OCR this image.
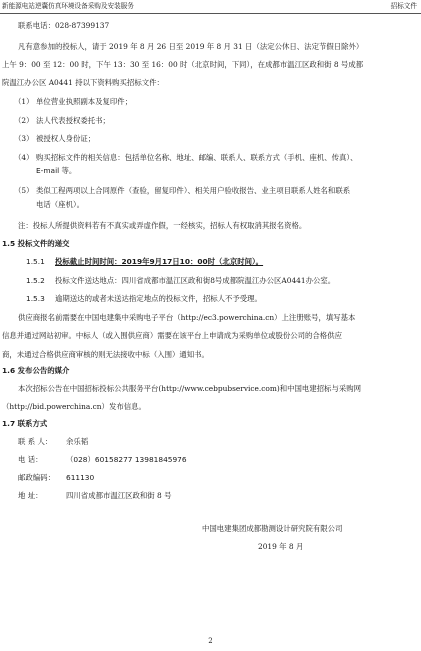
新能源电站逆囊仿真环境设备采购及安装服务	招标文件
联系电话：028-87399137
凡有意参加的投标人，请于 2019 年 8 月 26 日至 2019 年 8 月 31 日（法定公休日、法定节假日除外）
上午 9：00 至 12：00 时，下午 13：30 至 16：00 时（北京时间，下同），在成都市温江区政和街 8 号成都
院温江办公区 A0441 持以下资料购买招标文件：
（1） 单位营业执照副本及复印件；
（2） 法人代表授权委托书；
（3） 被授权人身份证；
（4） 购买招标文件的相关信息：包括单位名称、地址、邮编、联系人、联系方式（手机、座机、传真）、
E-mail 等。
（5） 类似工程两项以上合同原件（查验，留复印件）、相关用户验收报告、业主项目联系人姓名和联系
电话（座机）。
注：投标人所提供资料若有不真实或弄虚作假，一经核实，招标人有权取消其报名资格。
1.5 投标文件的递交
1.5.1 投标截止时间时间：2019年9月17日10：00时（北京时间）。
1.5.2 投标文件送达地点：四川省成都市温江区政和街8号成都院温江办公区A0441办公室。
1.5.3 逾期送达的或者未送达指定地点的投标文件，招标人不予受理。
供应商报名前需要在中国电建集中采购电子平台（http://ec3.powerchina.cn）上注册账号，填写基本
信息并通过网站初审。中标人（或入围供应商）需要在该平台上申请成为采购单位或股份公司的合格供应
商，未通过合格供应商审核的则无法接收中标（入围）通知书。
1.6 发布公告的媒介
本次招标公告在中国招标投标公共服务平台(http://www.cebpubservice.com)和中国电建招标与采购网
（http://bid.powerchina.cn）发布信息。
1.7 联系方式
联 系 人： 余乐韬
电 话：	（028）60158277 13981845976
邮政编码： 611130
地 址：	四川省成都市温江区政和街 8 号
中国电建集团成都勘测设计研究院有限公司
2019 年 8 月
2
